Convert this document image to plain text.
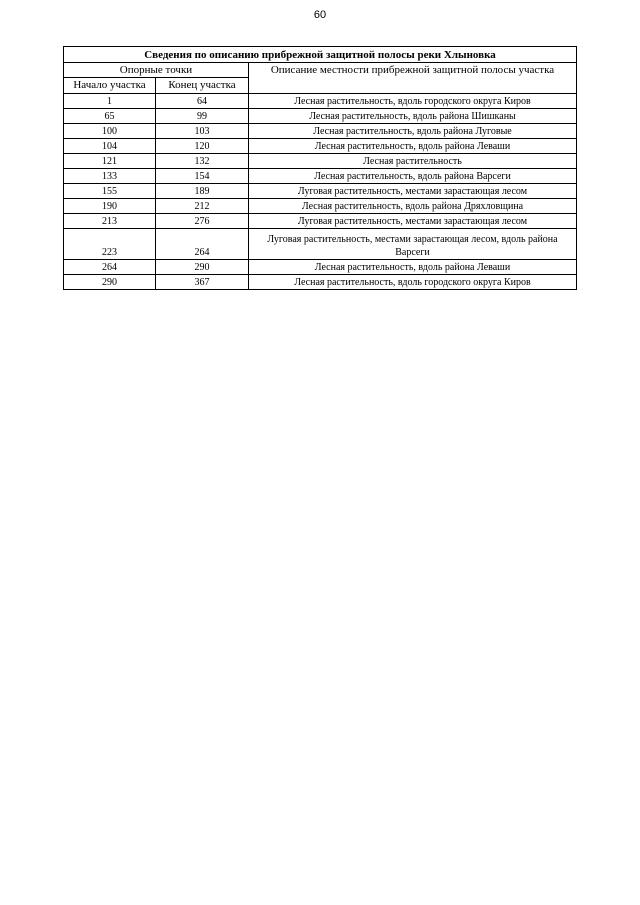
60
Сведения по описанию прибрежной защитной полосы реки Хлыновка		
Опорные точки		Описание местности прибрежной защитной полосы участка
Начало участка	Конец участка	
1	64	Лесная растительность, вдоль городского округа Киров
65	99	Лесная растительность, вдоль района Шишканы
100	103	Лесная растительность, вдоль района Луговые
104	120	Лесная растительность, вдоль района Леваши
121	132	Лесная растительность
133	154	Лесная растительность, вдоль района Варсеги
155	189	Луговая растительность, местами зарастающая лесом
190	212	Лесная растительность, вдоль района Дряхловщина
213	276	Луговая растительность, местами зарастающая лесом
223	264	Луговая растительность, местами зарастающая лесом, вдоль района Варсеги
264	290	Лесная растительность, вдоль района Леваши
290	367	Лесная растительность, вдоль городского округа Киров
